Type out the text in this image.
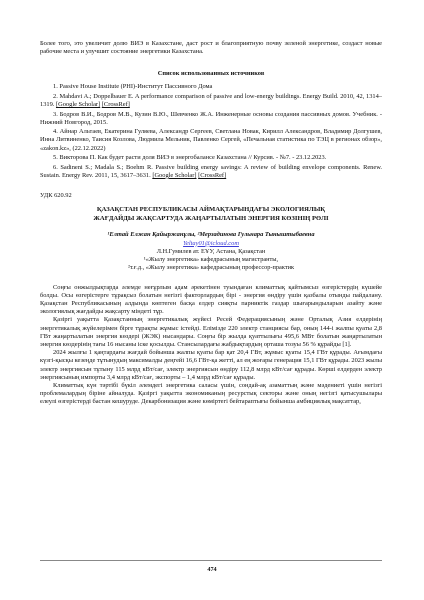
Более того, это увеличит долю ВИЭ в Казахстане, даст рост и благоприятную почву зеленой энергетике, создаст новые рабочие места и улучшит состояние энергетики Казахстана.

Список использованных источников

1. Passive House Institute (PHI)-Институт Пассивного Дома

2. Mahdavi A.; Doppelbauer E. A performance comparison of passive and low-energy buildings. Energy Build. 2010, 42, 1314–1319. [Google Scholar] [CrossRef]

3. Бодров В.И., Бодров М.В., Кузин В.Ю., Шевченко Ж.А. Инженерные основы создания пассивных домов. Учебник. - Нижний Новгород, 2015.

4. Айнар Альтаев, Екатерина Гуляева, Александр Сергеев, Светлана Новак, Кирилл Александров, Владимир Долгушев, Инна Литвиненко, Таисия Козлова, Людмила Мельник, Павленко Сергей, «Печальная статистика по ТЭЦ в регионах обзор», «zakon.kz», (22.12.2022)

5. Викторова П. Как будет расти доля ВИЭ в энергобалансе Казахстана // Курсив. - №7. - 23.12.2023.

6. Sadineni S.; Madala S.; Boehm R. Passive building energy savings: A review of building envelope components. Renew. Sustain. Energy Rev. 2011, 15, 3617–3631. [Google Scholar] [CrossRef]

УДК 620.92

ҚАЗАҚСТАН РЕСПУБЛИКАСЫ АЙМАҚТАРЫНДАҒЫ ЭКОЛОГИЯЛЫҚ
ЖАҒДАЙДЫ ЖАҚСАРТУДА ЖАҢАРТЫЛАТЫН ЭНЕРГИЯ КӨЗІНІҢ РӨЛІ

¹Елтай Елжан Қайыржанұлы, ²Мерзадинова Гульнара Тыныштыбаевна

Yeltay01@icloud.com

Л.Н.Гумилев ат. ЕҰУ, Астана, Қазақстан

¹«Жылу энергетика» кафедрасының магистранты,

²т.ғ.д., «Жылу энергетика» кафедрасының профессор-практик

Соңғы онжылдықтарда әлемде неғұрлым адам әрекетінен туындаған климаттық қайтымсыз өзгерістердің күшейе болды. Осы өзгерістерге тұрақсыз болатын негізгі факторлардың бірі - энергия өндіру үшін қазбалы отынды пайдалану. Қазақстан Республикасының алдында көптеген басқа елдер сияқты парниктік газдар шығарындыларын азайту және экологиялық жағдайды жақсарту міндеті тұр.

Қазіргі уақытта Қазақстанның энергетикалық жүйесі Ресей Федерациясының және Орталық Азия елдерінің энергетикалық жүйелерімен бірге тұрақты жұмыс істейді. Елімізде 220 электр станциясы бар, оның 144-і жалпы қуаты 2,8 ГВт жаңартылатын энергия көздері (ЖЭК) нысандары. Соңғы бір жылда қуаттылығы 495,6 МВт болатын жаңартылатын энергия көздерінің тағы 16 нысаны іске қосылды. Стансылардағы жабдықтардың орташа тозуы 56 % құрайды [1].

2024 жылғы 1 қаңтардағы жағдай бойынша жалпы қуаты бар қат 20,4 ГВт, жұмыс қуаты 15,4 ГВт құрады. Ағымдағы күзгі-қысқы кезеңде тұтынудың максималды деңгейі 16,6 ГВт-қа жетті, ал ең жоғары генерация 15,1 ГВт құрады. 2023 жылы электр энергиясын тұтыну 115 млрд кВт/сағ, электр энергиясын өндіру 112,8 млрд кВт/сағ құрады. Көрші елдерден электр энергиясының импорты 3,4 млрд кВт/сағ, экспорты – 1,4 млрд кВт/сағ құрады.

Климаттық күн тәртібі бүкіл әлемдегі энергетика саласы үшін, сондай-ақ азаматтың және мәдениеті үшін негізгі проблемалардың біріне айналуда. Қазіргі уақытта экономиканың ресурстық секторы және оның негізгі қатысушылары елеулі өзгерістерді бастан кешуруде. Декарбонизация және көміртегі бейтараптығы бойынша амбициялық мақсаттар,

474
